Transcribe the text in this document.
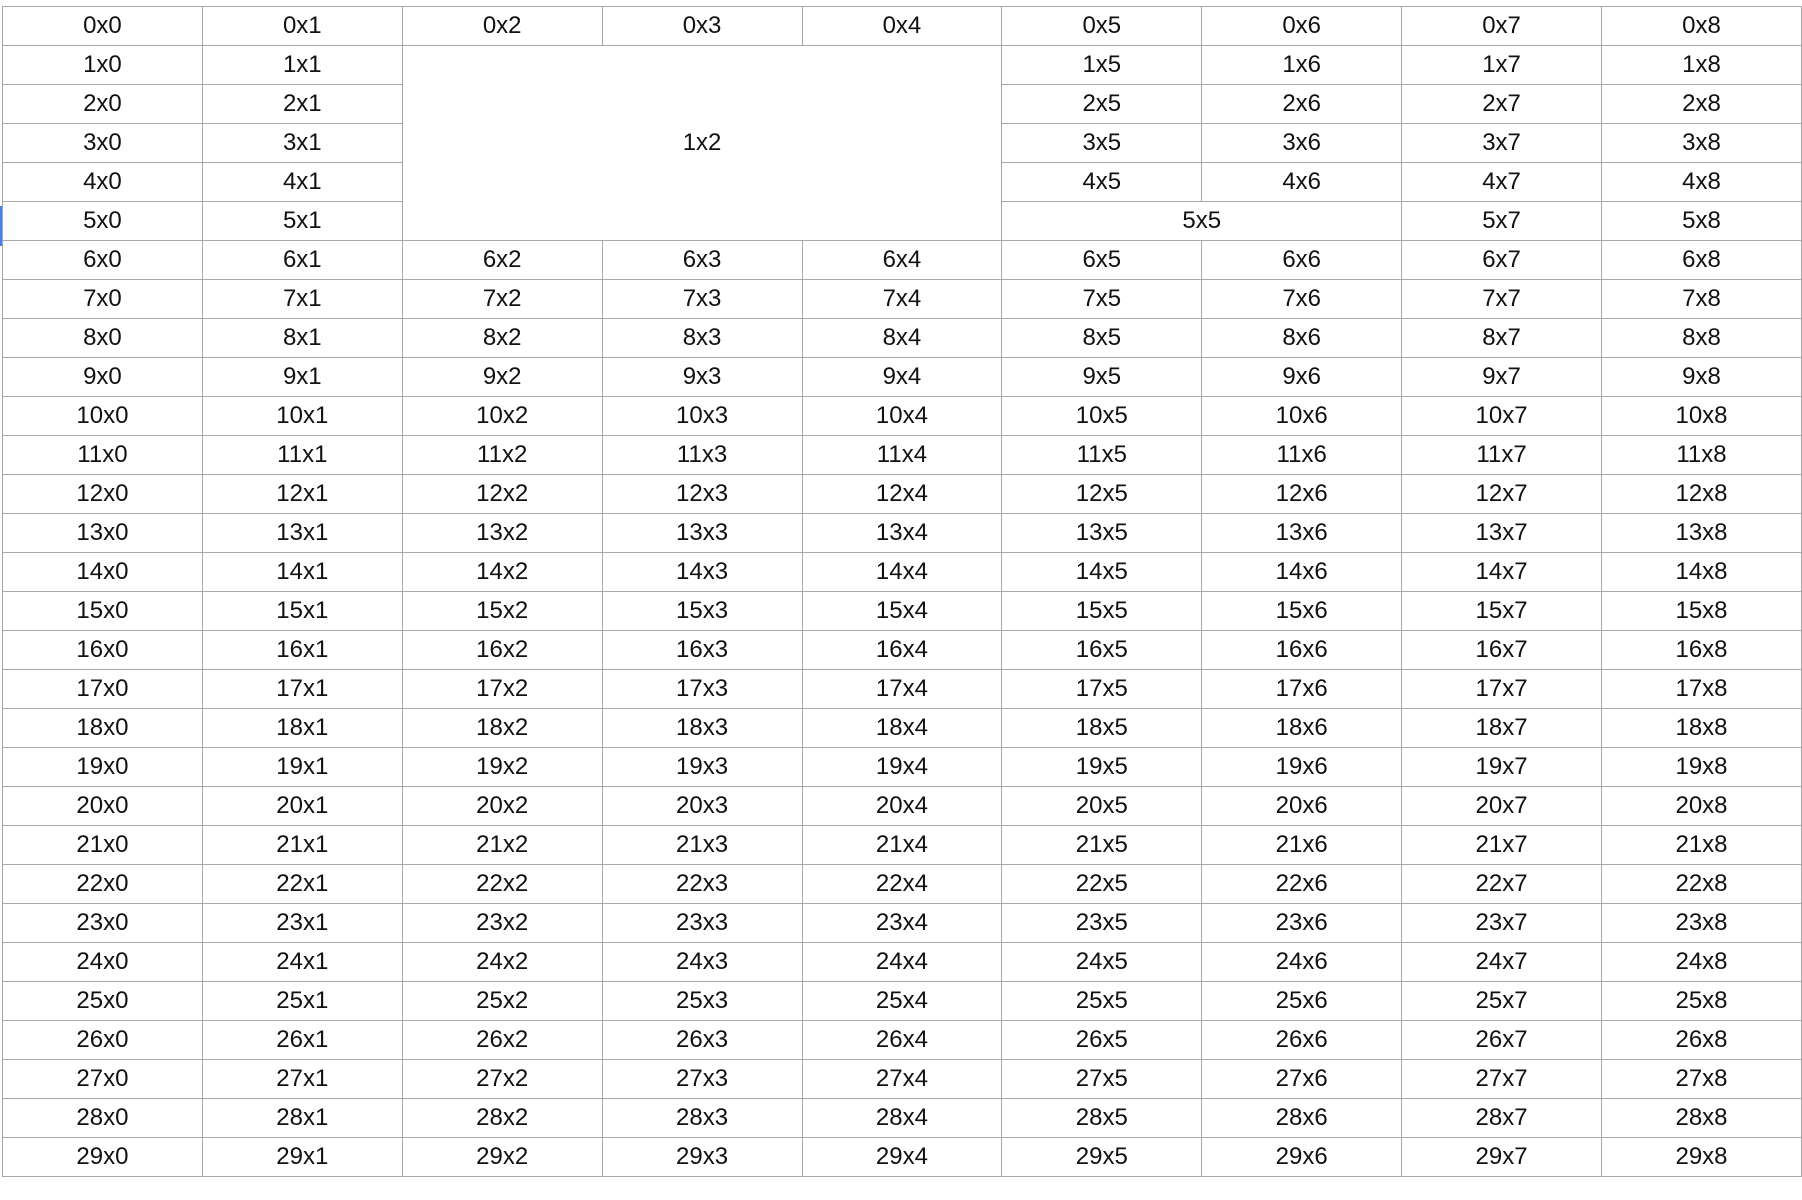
0x0	0x1	0x2	0x3	0x4	0x5	0x6	0x7	0x8
1x0	1x1	1x2			1x5	1x6	1x7	1x8
2x0	2x1				2x5	2x6	2x7	2x8
3x0	3x1				3x5	3x6	3x7	3x8
4x0	4x1				4x5	4x6	4x7	4x8
5x0	5x1				5x5		5x7	5x8
6x0	6x1	6x2	6x3	6x4	6x5	6x6	6x7	6x8
7x0	7x1	7x2	7x3	7x4	7x5	7x6	7x7	7x8
8x0	8x1	8x2	8x3	8x4	8x5	8x6	8x7	8x8
9x0	9x1	9x2	9x3	9x4	9x5	9x6	9x7	9x8
10x0	10x1	10x2	10x3	10x4	10x5	10x6	10x7	10x8
11x0	11x1	11x2	11x3	11x4	11x5	11x6	11x7	11x8
12x0	12x1	12x2	12x3	12x4	12x5	12x6	12x7	12x8
13x0	13x1	13x2	13x3	13x4	13x5	13x6	13x7	13x8
14x0	14x1	14x2	14x3	14x4	14x5	14x6	14x7	14x8
15x0	15x1	15x2	15x3	15x4	15x5	15x6	15x7	15x8
16x0	16x1	16x2	16x3	16x4	16x5	16x6	16x7	16x8
17x0	17x1	17x2	17x3	17x4	17x5	17x6	17x7	17x8
18x0	18x1	18x2	18x3	18x4	18x5	18x6	18x7	18x8
19x0	19x1	19x2	19x3	19x4	19x5	19x6	19x7	19x8
20x0	20x1	20x2	20x3	20x4	20x5	20x6	20x7	20x8
21x0	21x1	21x2	21x3	21x4	21x5	21x6	21x7	21x8
22x0	22x1	22x2	22x3	22x4	22x5	22x6	22x7	22x8
23x0	23x1	23x2	23x3	23x4	23x5	23x6	23x7	23x8
24x0	24x1	24x2	24x3	24x4	24x5	24x6	24x7	24x8
25x0	25x1	25x2	25x3	25x4	25x5	25x6	25x7	25x8
26x0	26x1	26x2	26x3	26x4	26x5	26x6	26x7	26x8
27x0	27x1	27x2	27x3	27x4	27x5	27x6	27x7	27x8
28x0	28x1	28x2	28x3	28x4	28x5	28x6	28x7	28x8
29x0	29x1	29x2	29x3	29x4	29x5	29x6	29x7	29x8
